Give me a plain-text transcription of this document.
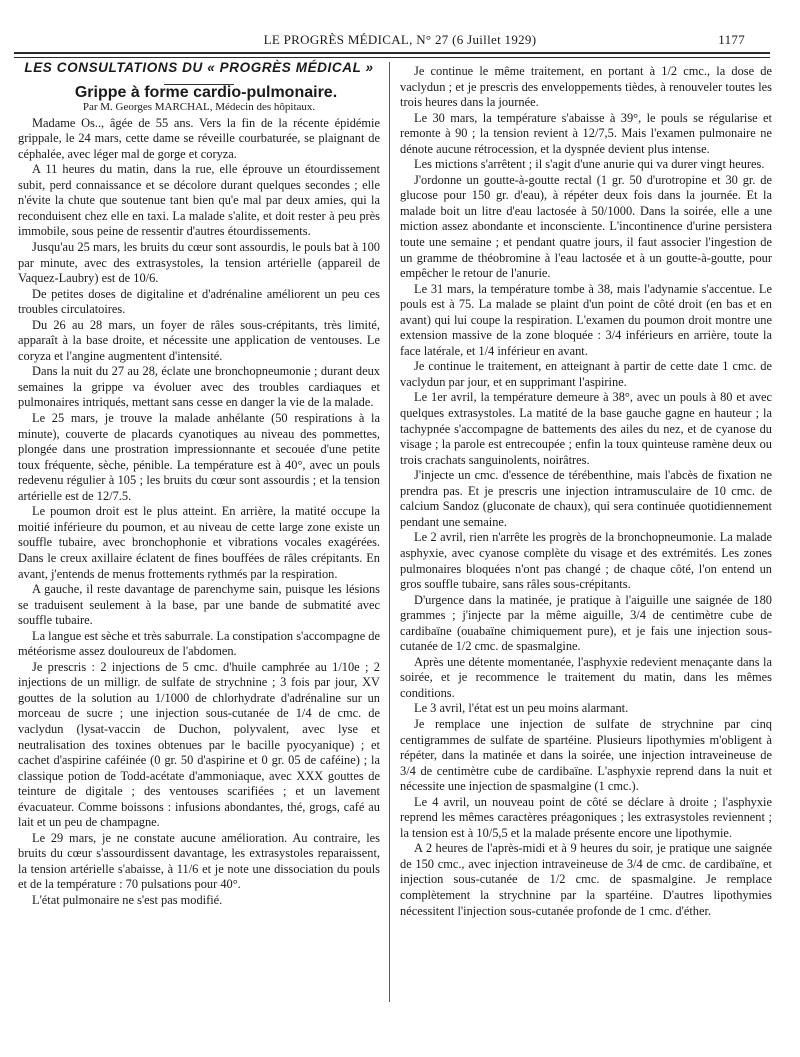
LE PROGRÈS MÉDICAL, N° 27 (6 Juillet 1929)	1177

LES CONSULTATIONS DU « PROGRÈS MÉDICAL »

Grippe à forme cardio-pulmonaire.

Par M. Georges MARCHAL, Médecin des hôpitaux.

Madame Os.., âgée de 55 ans. Vers la fin de la récente épidémie grippale, le 24 mars, cette dame se réveille courbaturée, se plaignant de céphalée, avec léger mal de gorge et coryza.

A 11 heures du matin, dans la rue, elle éprouve un étourdissement subit, perd connaissance et se décolore durant quelques secondes ; elle n'évite la chute que soutenue tant bien qu'e mal par deux amies, qui la reconduisent chez elle en taxi. La malade s'alite, et doit rester à peu près immobile, sous peine de ressentir d'autres étourdissements.

Jusqu'au 25 mars, les bruits du cœur sont assourdis, le pouls bat à 100 par minute, avec des extrasystoles, la tension artérielle (appareil de Vaquez-Laubry) est de 10/6.

De petites doses de digitaline et d'adrénaline améliorent un peu ces troubles circulatoires.

Du 26 au 28 mars, un foyer de râles sous-crépitants, très limité, apparaît à la base droite, et nécessite une application de ventouses. Le coryza et l'angine augmentent d'intensité.

Dans la nuit du 27 au 28, éclate une bronchopneumonie ; durant deux semaines la grippe va évoluer avec des troubles cardiaques et pulmonaires intriqués, mettant sans cesse en danger la vie de la malade.

Le 25 mars, je trouve la malade anhélante (50 respirations à la minute), couverte de placards cyanotiques au niveau des pommettes, plongée dans une prostration impressionnante et secouée d'une petite toux fréquente, sèche, pénible. La température est à 40°, avec un pouls redevenu régulier à 105 ; les bruits du cœur sont assourdis ; et la tension artérielle est de 12/7.5.

Le poumon droit est le plus atteint. En arrière, la matité occupe la moitié inférieure du poumon, et au niveau de cette large zone existe un souffle tubaire, avec bronchophonie et vibrations vocales exagérées. Dans le creux axillaire éclatent de fines bouffées de râles crépitants. En avant, j'entends de menus frottements rythmés par la respiration.

A gauche, il reste davantage de parenchyme sain, puisque les lésions se traduisent seulement à la base, par une bande de submatité avec souffle tubaire.

La langue est sèche et très saburrale. La constipation s'accompagne de météorisme assez douloureux de l'abdomen.

Je prescris : 2 injections de 5 cmc. d'huile camphrée au 1/10e ; 2 injections de un milligr. de sulfate de strychnine ; 3 fois par jour, XV gouttes de la solution au 1/1000 de chlorhydrate d'adrénaline sur un morceau de sucre ; une injection sous-cutanée de 1/4 de cmc. de vaclydun (lysat-vaccin de Duchon, polyvalent, avec lyse et neutralisation des toxines obtenues par le bacille pyocyanique) ; et cachet d'aspirine caféinée (0 gr. 50 d'aspirine et 0 gr. 05 de caféine) ; la classique potion de Todd-acétate d'ammoniaque, avec XXX gouttes de teinture de digitale ; des ventouses scarifiées ; et un lavement évacuateur. Comme boissons : infusions abondantes, thé, grogs, café au lait et un peu de champagne.

Le 29 mars, je ne constate aucune amélioration. Au contraire, les bruits du cœur s'assourdissent davantage, les extrasystoles reparaissent, la tension artérielle s'abaisse, à 11/6 et je note une dissociation du pouls et de la température : 70 pulsations pour 40°.

L'état pulmonaire ne s'est pas modifié.

Je continue le même traitement, en portant à 1/2 cmc., la dose de vaclydun ; et je prescris des enveloppements tièdes, à renouveler toutes les trois heures dans la journée.

Le 30 mars, la température s'abaisse à 39°, le pouls se régularise et remonte à 90 ; la tension revient à 12/7,5. Mais l'examen pulmonaire ne dénote aucune rétrocession, et la dyspnée devient plus intense.

Les mictions s'arrêtent ; il s'agit d'une anurie qui va durer vingt heures.

J'ordonne un goutte-à-goutte rectal (1 gr. 50 d'urotropine et 30 gr. de glucose pour 150 gr. d'eau), à répéter deux fois dans la journée. Et la malade boit un litre d'eau lactosée à 50/1000. Dans la soirée, elle a une miction assez abondante et inconsciente. L'incontinence d'urine persistera toute une semaine ; et pendant quatre jours, il faut associer l'ingestion de un gramme de théobromine à l'eau lactosée et à un goutte-à-goutte, pour empêcher le retour de l'anurie.

Le 31 mars, la température tombe à 38, mais l'adynamie s'accentue. Le pouls est à 75. La malade se plaint d'un point de côté droit (en bas et en avant) qui lui coupe la respiration. L'examen du poumon droit montre une extension massive de la zone bloquée : 3/4 inférieurs en arrière, toute la face latérale, et 1/4 inférieur en avant.

Je continue le traitement, en atteignant à partir de cette date 1 cmc. de vaclydun par jour, et en supprimant l'aspirine.

Le 1er avril, la température demeure à 38°, avec un pouls à 80 et avec quelques extrasystoles. La matité de la base gauche gagne en hauteur ; la tachypnée s'accompagne de battements des ailes du nez, et de cyanose du visage ; la parole est entrecoupée ; enfin la toux quinteuse ramène deux ou trois crachats sanguinolents, noirâtres.

J'injecte un cmc. d'essence de térébenthine, mais l'abcès de fixation ne prendra pas. Et je prescris une injection intramusculaire de 10 cmc. de calcium Sandoz (gluconate de chaux), qui sera continuée quotidiennement pendant une semaine.

Le 2 avril, rien n'arrête les progrès de la bronchopneumonie. La malade asphyxie, avec cyanose complète du visage et des extrémités. Les zones pulmonaires bloquées n'ont pas changé ; de chaque côté, l'on entend un gros souffle tubaire, sans râles sous-crépitants.

D'urgence dans la matinée, je pratique à l'aiguille une saignée de 180 grammes ; j'injecte par la même aiguille, 3/4 de centimètre cube de cardibaïne (ouabaïne chimiquement pure), et je fais une injection sous-cutanée de 1/2 cmc. de spasmalgine.

Après une détente momentanée, l'asphyxie redevient menaçante dans la soirée, et je recommence le traitement du matin, dans les mêmes conditions.

Le 3 avril, l'état est un peu moins alarmant.

Je remplace une injection de sulfate de strychnine par cinq centigrammes de sulfate de spartéine. Plusieurs lipothymies m'obligent à répéter, dans la matinée et dans la soirée, une injection intraveineuse de 3/4 de centimètre cube de cardibaïne. L'asphyxie reprend dans la nuit et nécessite une injection de spasmalgine (1 cmc.).

Le 4 avril, un nouveau point de côté se déclare à droite ; l'asphyxie reprend les mêmes caractères préagoniques ; les extrasystoles reviennent ; la tension est à 10/5,5 et la malade présente encore une lipothymie.

A 2 heures de l'après-midi et à 9 heures du soir, je pratique une saignée de 150 cmc., avec injection intraveineuse de 3/4 de cmc. de cardibaïne, et injection sous-cutanée de 1/2 cmc. de spasmalgine. Je remplace complètement la strychnine par la spartéine. D'autres lipothymies nécessitent l'injection sous-cutanée profonde de 1 cmc. d'éther.
